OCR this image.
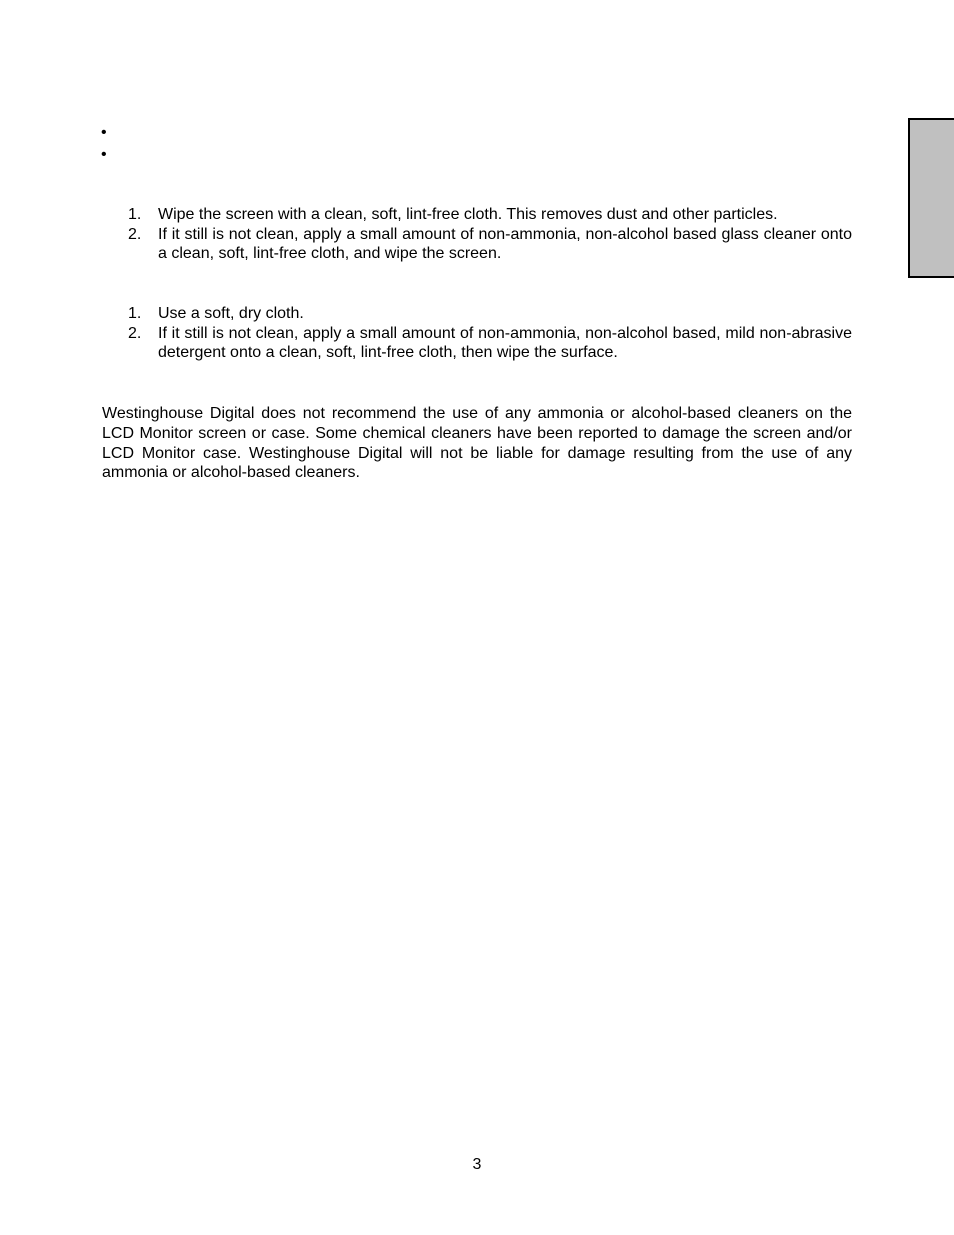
•
•
1.	Wipe the screen with a clean, soft, lint-free cloth. This removes dust and other particles.
2.	If it still is not clean, apply a small amount of non-ammonia, non-alcohol based glass cleaner onto a clean, soft, lint-free cloth, and wipe the screen.
1.	Use a soft, dry cloth.
2.	If it still is not clean, apply a small amount of non-ammonia, non-alcohol based, mild non-abrasive detergent onto a clean, soft, lint-free cloth, then wipe the surface.

Westinghouse Digital does not recommend the use of any ammonia or alcohol-based cleaners on the LCD Monitor screen or case. Some chemical cleaners have been reported to damage the screen and/or LCD Monitor case. Westinghouse Digital will not be liable for damage resulting from the use of any ammonia or alcohol-based cleaners.

3
